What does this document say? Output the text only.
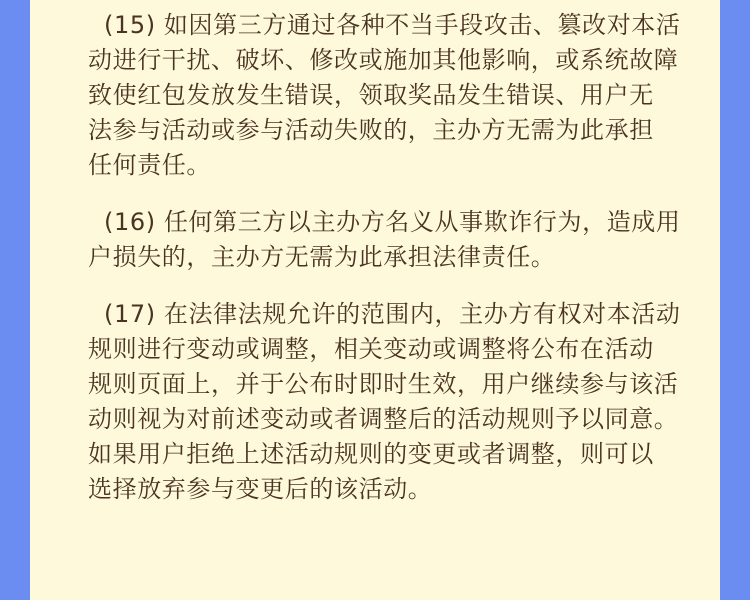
(15) 如因第三方通过各种不当手段攻击、篡改对本活
动进行干扰、破坏、修改或施加其他影响，或系统故障
致使红包发放发生错误，领取奖品发生错误、用户无
法参与活动或参与活动失败的，主办方无需为此承担
任何责任。

(16) 任何第三方以主办方名义从事欺诈行为，造成用
户损失的，主办方无需为此承担法律责任。

(17) 在法律法规允许的范围内，主办方有权对本活动
规则进行变动或调整，相关变动或调整将公布在活动
规则页面上，并于公布时即时生效，用户继续参与该活
动则视为对前述变动或者调整后的活动规则予以同意。
如果用户拒绝上述活动规则的变更或者调整，则可以
选择放弃参与变更后的该活动。
